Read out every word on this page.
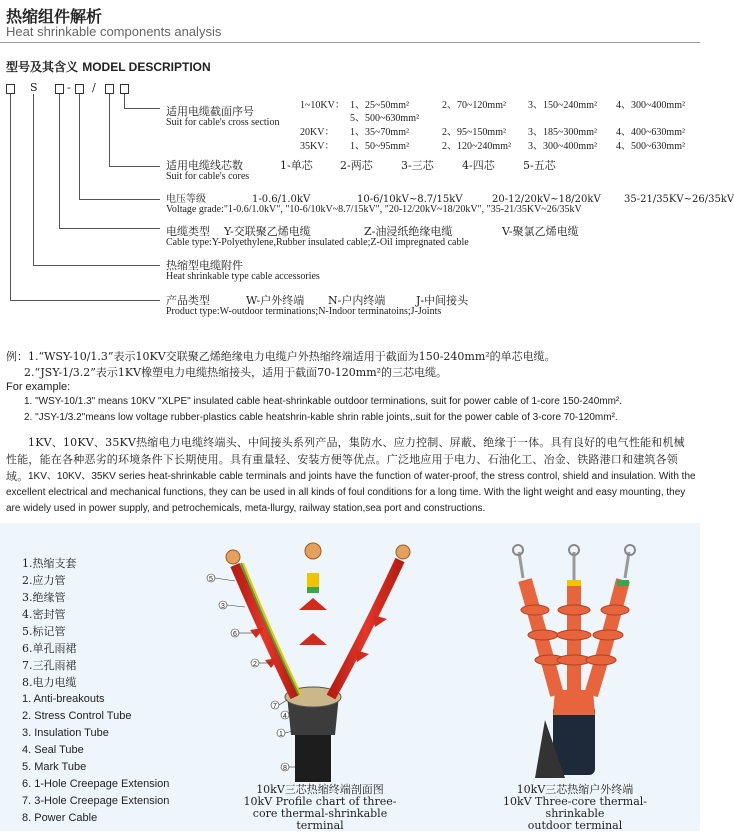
热缩组件解析
Heat shrinkable components analysis
型号及其含义 MODEL DESCRIPTION
S	- /
适用电缆截面序号
Suit for cable's cross section
1~10KV： 1、25~50mm²	2、70~120mm² 3、150~240mm² 4、300~400mm²
5、500~630mm²
20KV： 1、35~70mm²	2、95~150mm² 3、185~300mm² 4、400~630mm²
35KV： 1、50~95mm²	2、120~240mm² 3、300~400mm² 4、500~630mm²
适用电缆线芯数	1-单芯 2-两芯	3-三芯	4-四芯	5-五芯
Suit for cable's cores
电压等级	1-0.6/1.0kV	10-6/10kV~8.7/15kV	20-12/20kV~18/20kV 35-21/35KV~26/35kV
Voltage grade:"1-0.6/1.0kV", "10-6/10kV~8.7/15kV", "20-12/20kV~18/20kV", "35-21/35KV~26/35kV
电缆类型 Y-交联聚乙烯电缆	Z-油浸纸绝缘电缆	V-聚氯乙烯电缆
Cable type:Y-Polyethylene,Rubber insulated cable;Z-Oil impregnated cable
热缩型电缆附件
Heat shrinkable type cable accessories
产品类型	W-户外终端 N-户内终端	J-中间接头
Product type:W-outdoor terminations;N-Indoor terminatoins;J-Joints
例：1.“WSY-10/1.3”表示10KV交联聚乙烯绝缘电力电缆户外热缩终端适用于截面为150-240mm²的单芯电缆。
2.“JSY-1/3.2”表示1KV橡塑电力电缆热缩接头，适用于截面70-120mm²的三芯电缆。
For example:
1. "WSY-10/1.3" means 10KV "XLPE" insulated cable heat-shrinkable outdoor terminations, suit for power cable of 1-core 150-240mm².
2. "JSY-1/3.2"means low voltage rubber-plastics cable heatshrin-kable shrin rable joints,.suit for the power cable of 3-core 70-120mm².
1KV、10KV、35KV热缩电力电缆终端头、中间接头系列产品，集防水、应力控制、屏蔽、绝缘于一体。具有良好的电气性能和机械性能，能在各种恶劣的环境条件下长期使用。具有重量轻、安装方便等优点。广泛地应用于电力、石油化工、冶金、铁路港口和建筑各领域。 1KV、10KV、35KV series heat-shrinkable cable terminals and joints have the function of water-proof, the stress control, shield and insulation. With the excellent electrical and mechanical functions, they can be used in all kinds of foul conditions for a long time. With the light weight and easy mounting, they are widely used in power supply, and petrochemicals, meta-llurgy, railway station,sea port and constructions.
1.热缩支套
2.应力管
3.绝缘管
4.密封管
5.标记管
6.单孔雨裙
7.三孔雨裙
8.电力电缆
1. Anti-breakouts
2. Stress Control Tube
3. Insulation Tube
4. Seal Tube
5. Mark Tube
6. 1-Hole Creepage Extension
7. 3-Hole Creepage Extension
8. Power Cable
5
3
6
2
7
4
1
8
10kV三芯热缩终端剖面图
10kV Profile chart of three-
core thermal-shrinkable terminal
10kV三芯热缩户外终端
10kV Three-core thermal-shrinkable
outdoor terminal
